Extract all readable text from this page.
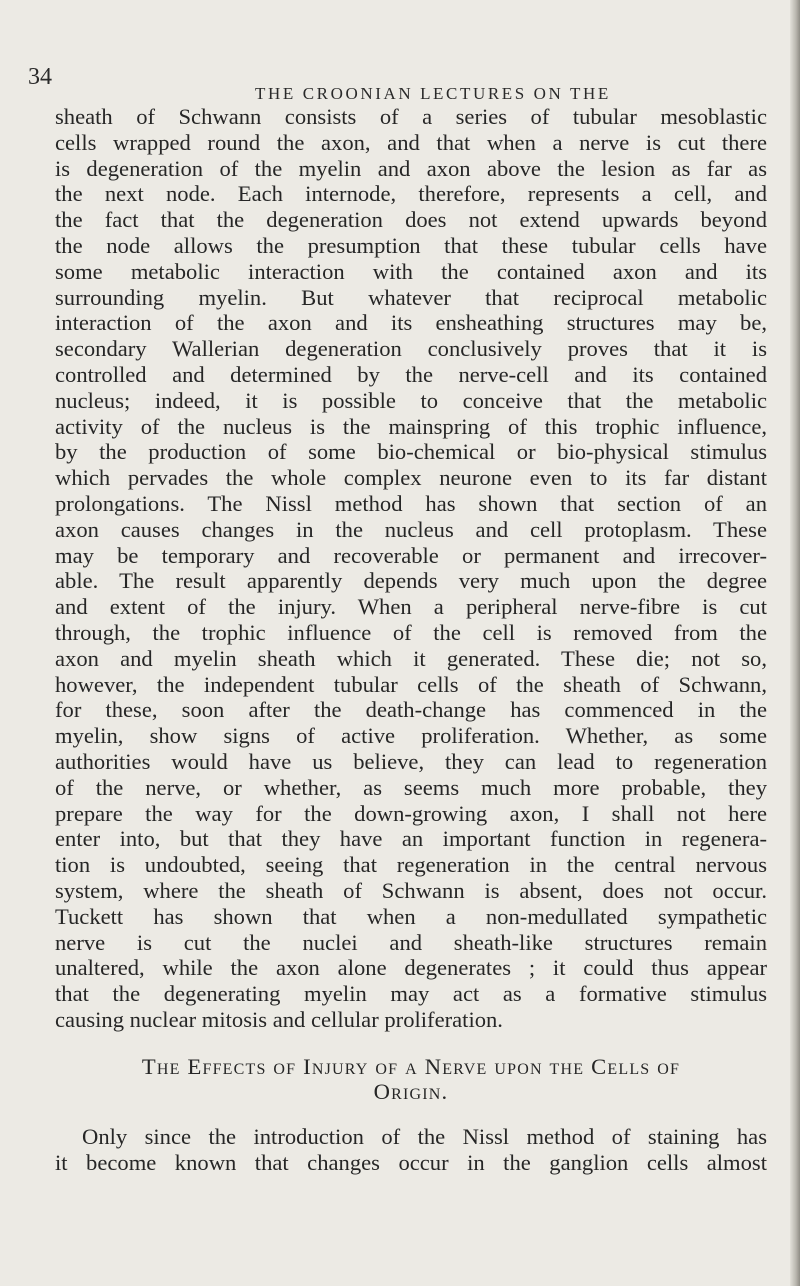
34
THE CROONIAN LECTURES ON THE
sheath of Schwann consists of a series of tubular mesoblastic
cells wrapped round the axon, and that when a nerve is cut there
is degeneration of the myelin and axon above the lesion as far as
the next node. Each internode, therefore, represents a cell, and
the fact that the degeneration does not extend upwards beyond
the node allows the presumption that these tubular cells have
some metabolic interaction with the contained axon and its
surrounding myelin. But whatever that reciprocal metabolic
interaction of the axon and its ensheathing structures may be,
secondary Wallerian degeneration conclusively proves that it is
controlled and determined by the nerve-cell and its contained
nucleus; indeed, it is possible to conceive that the metabolic
activity of the nucleus is the mainspring of this trophic influence,
by the production of some bio-chemical or bio-physical stimulus
which pervades the whole complex neurone even to its far distant
prolongations. The Nissl method has shown that section of an
axon causes changes in the nucleus and cell protoplasm. These
may be temporary and recoverable or permanent and irrecover-
able. The result apparently depends very much upon the degree
and extent of the injury. When a peripheral nerve-fibre is cut
through, the trophic influence of the cell is removed from the
axon and myelin sheath which it generated. These die; not so,
however, the independent tubular cells of the sheath of Schwann,
for these, soon after the death-change has commenced in the
myelin, show signs of active proliferation. Whether, as some
authorities would have us believe, they can lead to regeneration
of the nerve, or whether, as seems much more probable, they
prepare the way for the down-growing axon, I shall not here
enter into, but that they have an important function in regenera-
tion is undoubted, seeing that regeneration in the central nervous
system, where the sheath of Schwann is absent, does not occur.
Tuckett has shown that when a non-medullated sympathetic
nerve is cut the nuclei and sheath-like structures remain
unaltered, while the axon alone degenerates ; it could thus appear
that the degenerating myelin may act as a formative stimulus
causing nuclear mitosis and cellular proliferation.
The Effects of Injury of a Nerve upon the Cells of
Origin.
Only since the introduction of the Nissl method of staining has
it become known that changes occur in the ganglion cells almost
